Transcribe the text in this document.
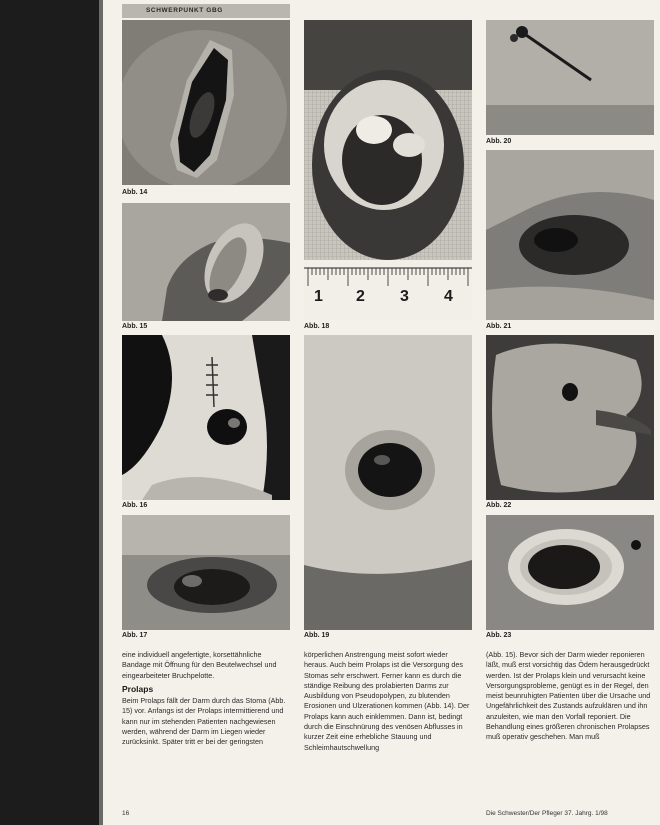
SCHWERPUNKT GBG
Abb. 14
Abb. 15
Abb. 16
Abb. 17
1 2 3 4
Abb. 18
Abb. 19
Abb. 20
Abb. 21
Abb. 22
Abb. 23

eine individuell angefertigte, korsettähnliche Bandage mit Öffnung für den Beutelwechsel und eingearbeiteter Bruchpelotte.

Prolaps

Beim Prolaps fällt der Darm durch das Stoma (Abb. 15) vor. Anfangs ist der Prolaps intermittierend und kann nur im stehenden Patienten nachgewiesen werden, während der Darm im Liegen wieder zurücksinkt. Später tritt er bei der geringsten

körperlichen Anstrengung meist sofort wieder heraus. Auch beim Prolaps ist die Versorgung des Stomas sehr erschwert. Ferner kann es durch die ständige Reibung des prolabierten Darms zur Ausbildung von Pseudopolypen, zu blutenden Erosionen und Ulzerationen kommen (Abb. 14). Der Prolaps kann auch einklemmen. Dann ist, bedingt durch die Einschnürung des venösen Abflusses in kurzer Zeit eine erhebliche Stauung und Schleimhautschwellung

(Abb. 15). Bevor sich der Darm wieder reponieren läßt, muß erst vorsichtig das Ödem herausgedrückt werden. Ist der Prolaps klein und verursacht keine Versorgungsprobleme, genügt es in der Regel, den meist beunruhigten Patienten über die Ursache und Ungefährlichkeit des Zustands aufzuklären und ihn anzuleiten, wie man den Vorfall reponiert. Die Behandlung eines größeren chronischen Prolapses muß operativ geschehen. Man muß

16	Die Schwester/Der Pfleger 37. Jahrg. 1/98
